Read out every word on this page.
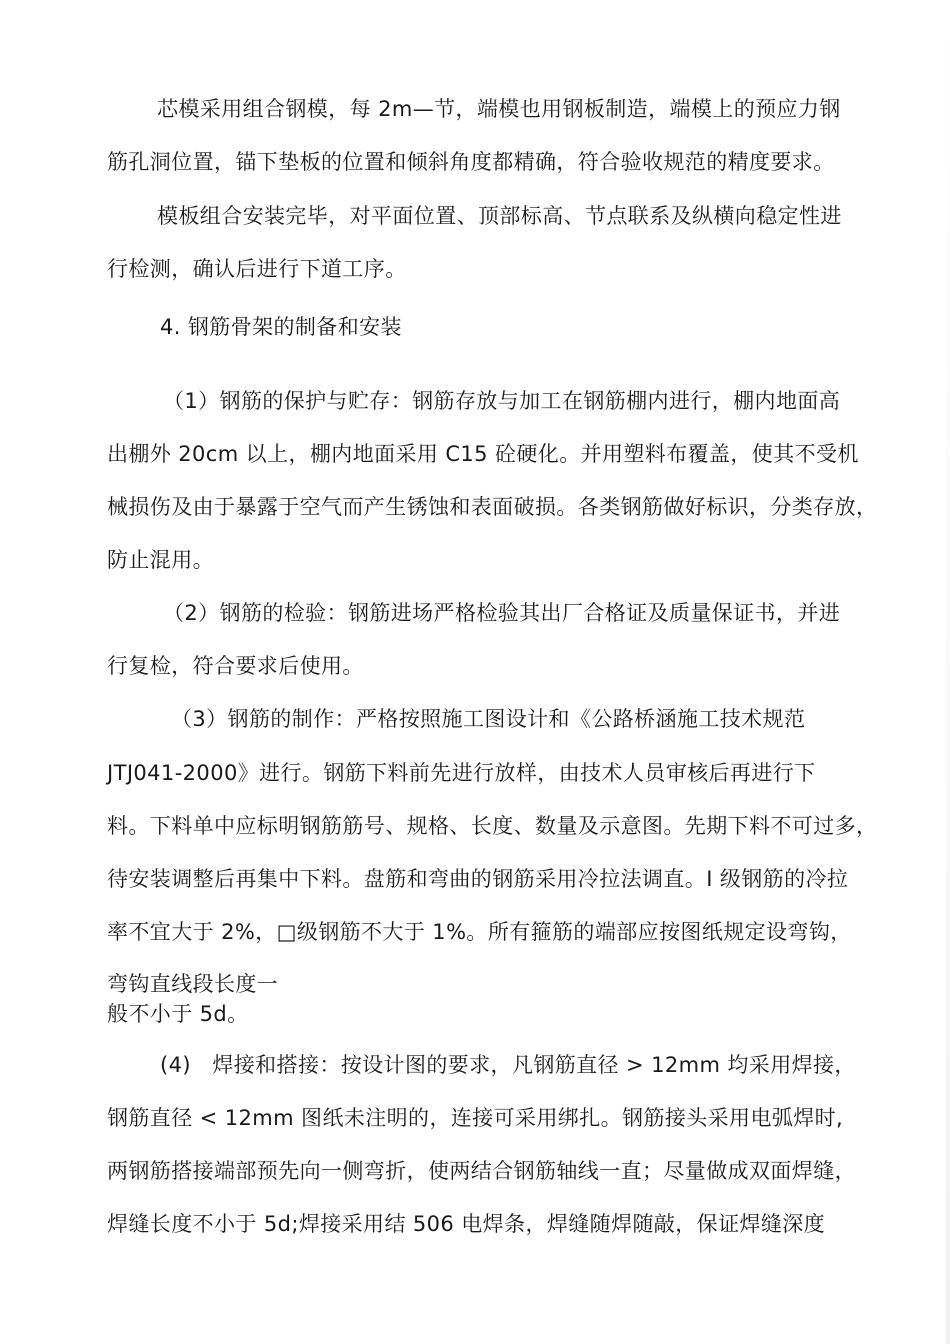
芯模采用组合钢模，每 2m—节，端模也用钢板制造，端模上的预应力钢
筋孔洞位置，锚下垫板的位置和倾斜角度都精确，符合验收规范的精度要求。
模板组合安装完毕，对平面位置、顶部标高、节点联系及纵横向稳定性进
行检测，确认后进行下道工序。
4. 钢筋骨架的制备和安装
（1）钢筋的保护与贮存：钢筋存放与加工在钢筋棚内进行，棚内地面高
出棚外 20cm 以上，棚内地面采用 C15 砼硬化。并用塑料布覆盖，使其不受机
械损伤及由于暴露于空气而产生锈蚀和表面破损。各类钢筋做好标识，分类存放，
防止混用。
（2）钢筋的检验：钢筋进场严格检验其出厂合格证及质量保证书，并进
行复检，符合要求后使用。
（3）钢筋的制作：严格按照施工图设计和《公路桥涵施工技术规范
JTJ041-2000》进行。钢筋下料前先进行放样，由技术人员审核后再进行下
料。下料单中应标明钢筋筋号、规格、长度、数量及示意图。先期下料不可过多，
待安装调整后再集中下料。盘筋和弯曲的钢筋采用冷拉法调直。I 级钢筋的冷拉
率不宜大于 2%，□级钢筋不大于 1%。所有箍筋的端部应按图纸规定设弯钩，
弯钩直线段长度一
般不小于 5d。
(4)　焊接和搭接：按设计图的要求，凡钢筋直径 > 12mm 均采用焊接，
钢筋直径 < 12mm 图纸未注明的，连接可采用绑扎。钢筋接头采用电弧焊时,
两钢筋搭接端部预先向一侧弯折，使两结合钢筋轴线一直；尽量做成双面焊缝，
焊缝长度不小于 5d;焊接采用结 506 电焊条，焊缝随焊随敲，保证焊缝深度
